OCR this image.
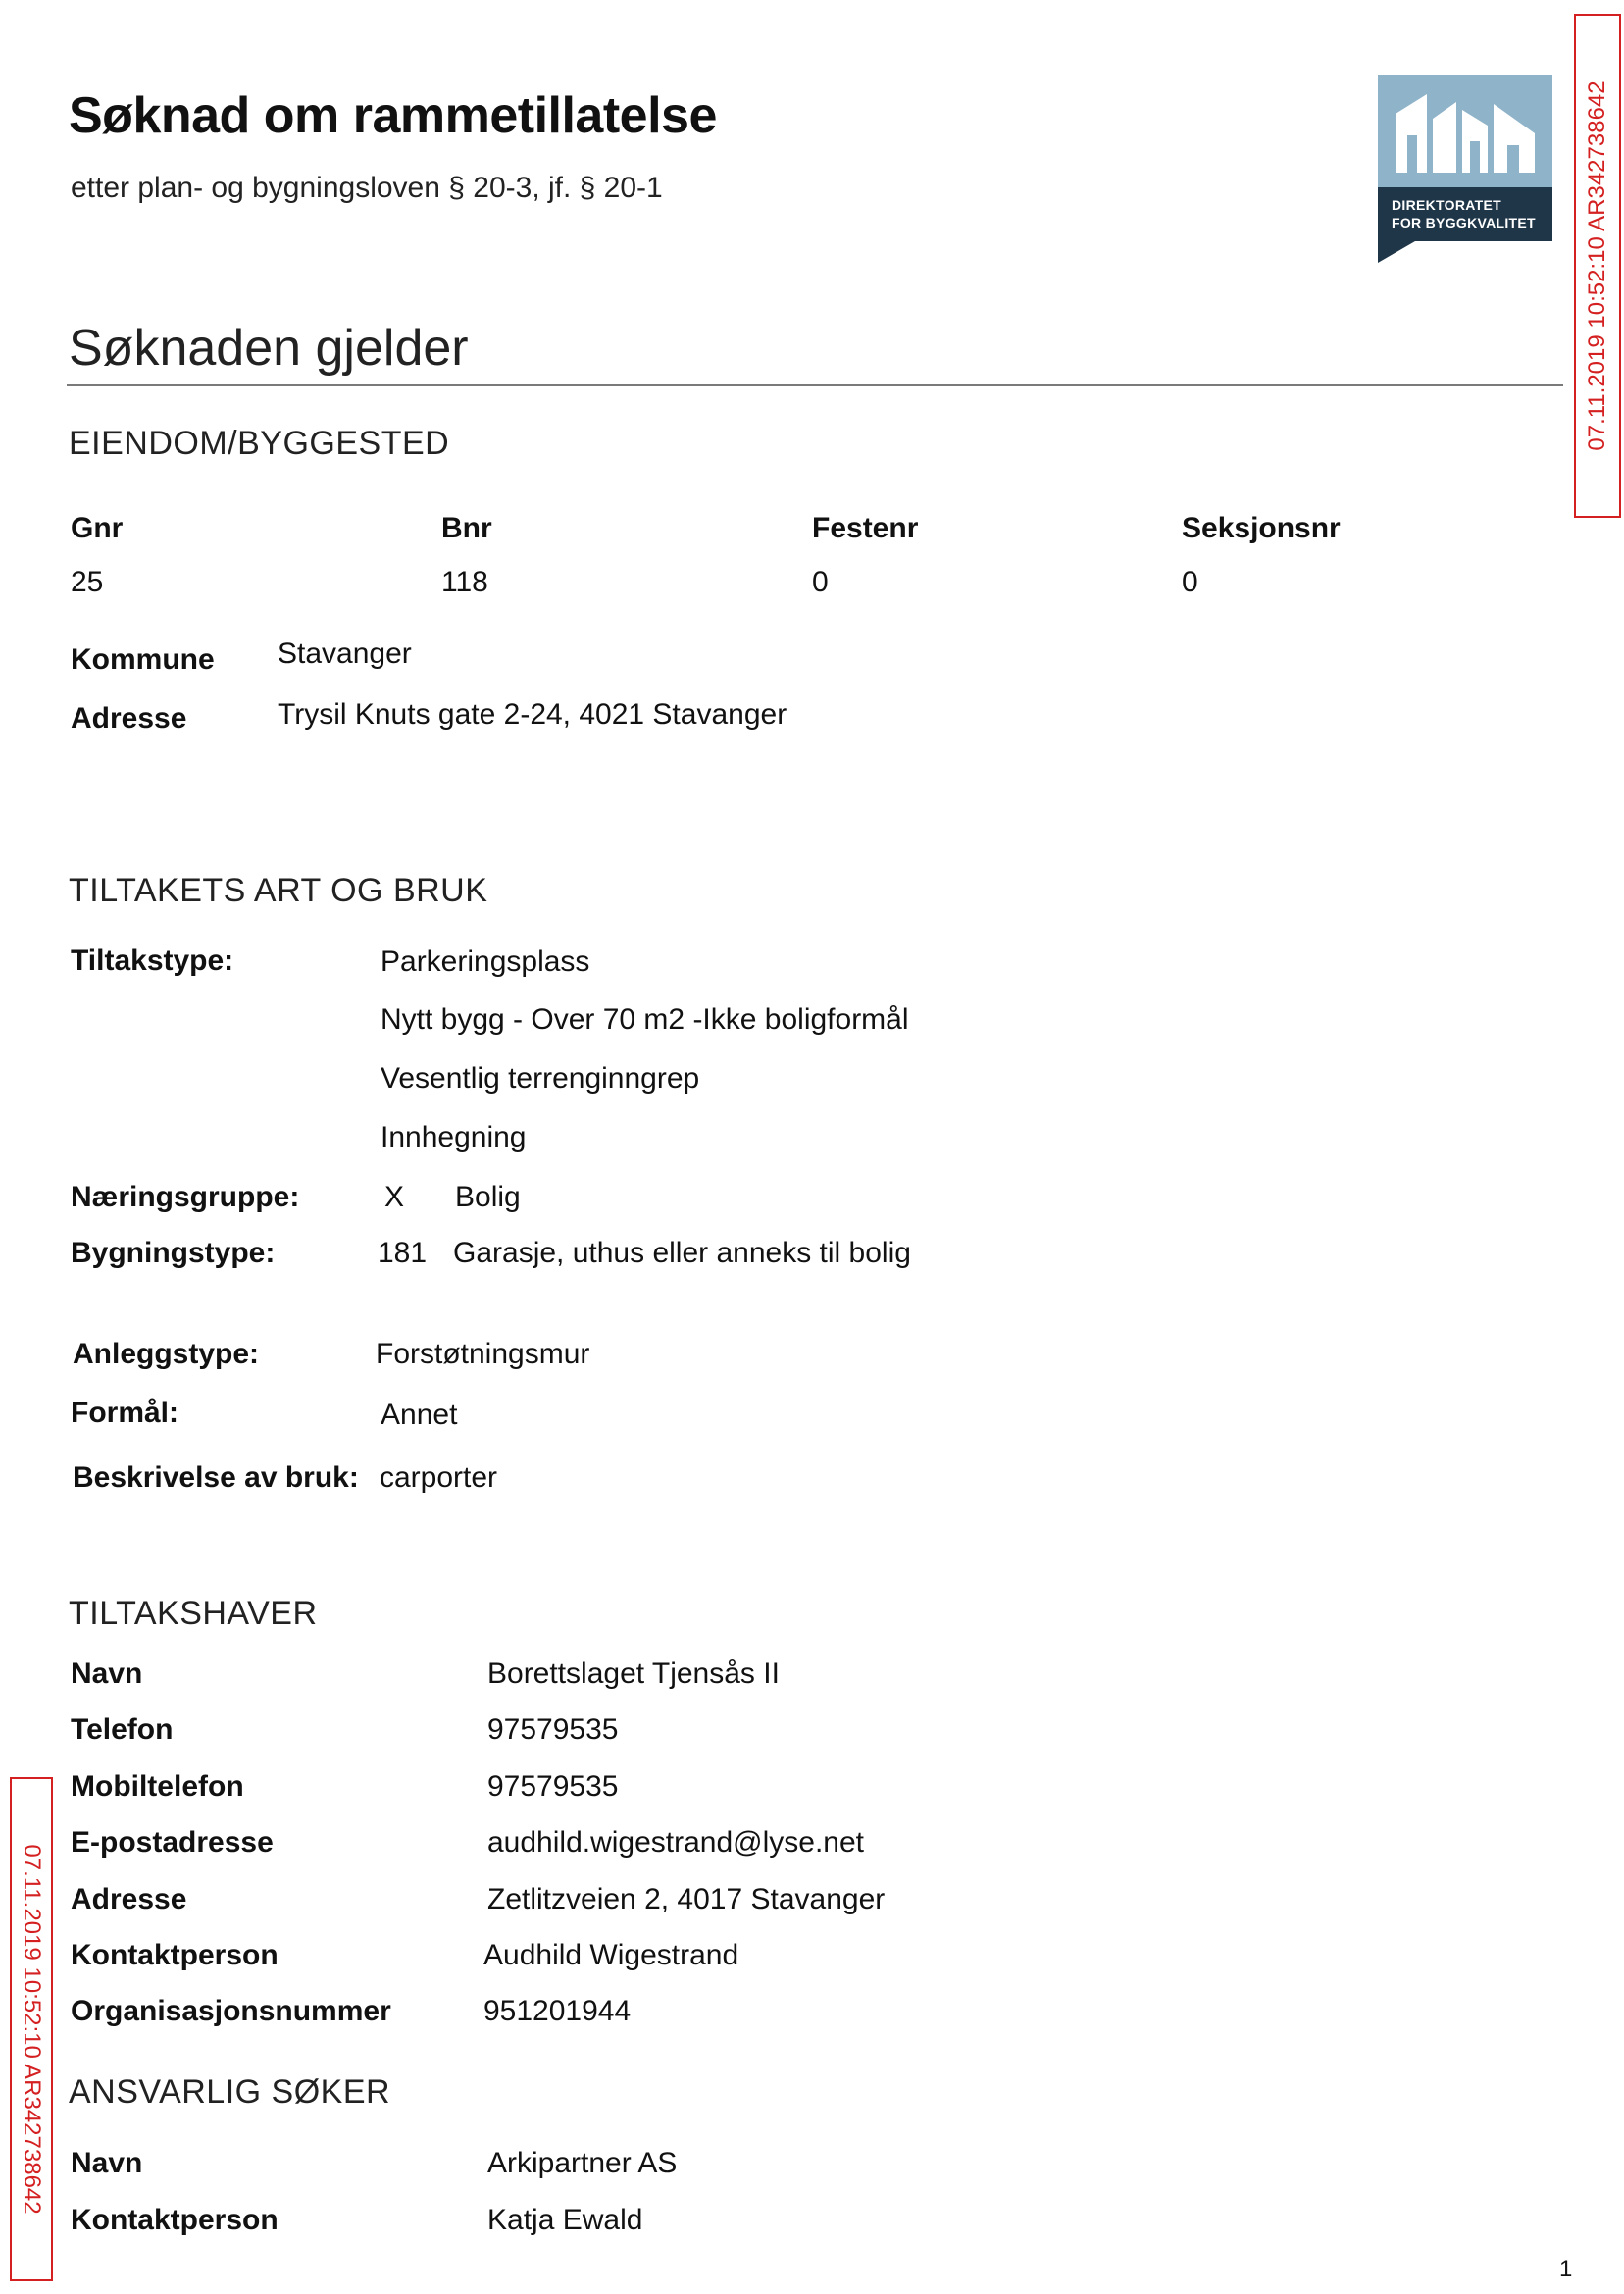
Søknad om rammetillatelse
etter plan- og bygningsloven § 20-3, jf. § 20-1
DIREKTORATET
FOR BYGGKVALITET 07.11.2019 10:52:10 AR342738642
07.11.2019 10:52:10 AR342738642
Søknaden gjelder
EIENDOM/BYGGESTED
Gnr	Bnr	Festenr	Seksjonsnr
25	118	0	0
Kommune Stavanger
Adresse	Trysil Knuts gate 2-24, 4021 Stavanger
TILTAKETS ART OG BRUK
Tiltakstype:	Parkeringsplass
Nytt bygg - Over 70 m2 -Ikke boligformål
Vesentlig terrenginngrep
Innhegning
Næringsgruppe:	X Bolig
Bygningstype:	181 Garasje, uthus eller anneks til bolig
Anleggstype:	Forstøtningsmur
Formål:	Annet
Beskrivelse av bruk: carporter
TILTAKSHAVER
Navn	Borettslaget Tjensås II
Telefon	97579535
Mobiltelefon	97579535
E-postadresse	audhild.wigestrand@lyse.net
Adresse	Zetlitzveien 2, 4017 Stavanger
Kontaktperson	Audhild Wigestrand
Organisasjonsnummer	951201944
ANSVARLIG SØKER
Navn	Arkipartner AS
Kontaktperson	Katja Ewald
1
